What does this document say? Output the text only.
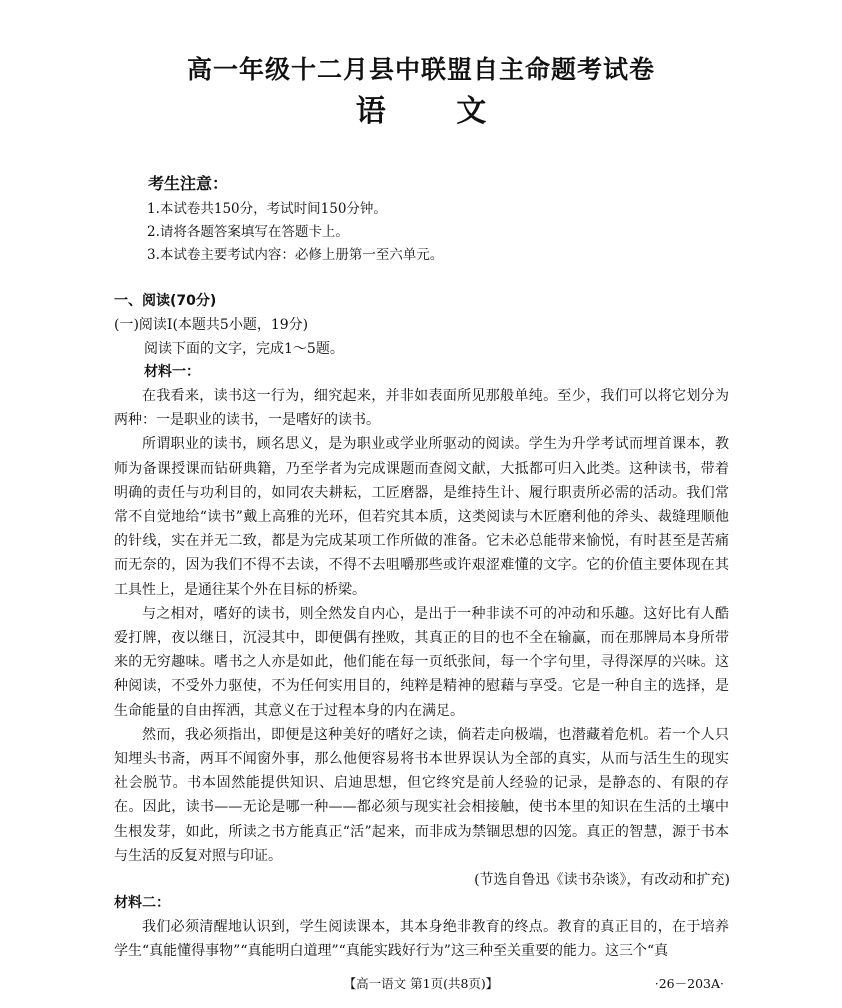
高一年级十二月县中联盟自主命题考试卷
语 文
考生注意：
1.本试卷共150分，考试时间150分钟。
2.请将各题答案填写在答题卡上。
3.本试卷主要考试内容：必修上册第一至六单元。
一、阅读(70分)
(一)阅读Ⅰ(本题共5小题，19分)
阅读下面的文字，完成1～5题。
材料一：

在我看来，读书这一行为，细究起来，并非如表面所见那般单纯。至少，我们可以将它划分为两种：一是职业的读书，一是嗜好的读书。

所谓职业的读书，顾名思义，是为职业或学业所驱动的阅读。学生为升学考试而埋首课本，教师为备课授课而钻研典籍，乃至学者为完成课题而查阅文献，大抵都可归入此类。这种读书，带着明确的责任与功利目的，如同农夫耕耘，工匠磨器，是维持生计、履行职责所必需的活动。我们常常不自觉地给“读书”戴上高雅的光环，但若究其本质，这类阅读与木匠磨利他的斧头、裁缝理顺他的针线，实在并无二致，都是为完成某项工作所做的准备。它未必总能带来愉悦，有时甚至是苦痛而无奈的，因为我们不得不去读，不得不去咀嚼那些或许艰涩难懂的文字。它的价值主要体现在其工具性上，是通往某个外在目标的桥梁。

与之相对，嗜好的读书，则全然发自内心，是出于一种非读不可的冲动和乐趣。这好比有人酷爱打牌，夜以继日，沉浸其中，即便偶有挫败，其真正的目的也不全在输赢，而在那牌局本身所带来的无穷趣味。嗜书之人亦是如此，他们能在每一页纸张间，每一个字句里，寻得深厚的兴味。这种阅读，不受外力驱使，不为任何实用目的，纯粹是精神的慰藉与享受。它是一种自主的选择，是生命能量的自由挥洒，其意义在于过程本身的内在满足。

然而，我必须指出，即便是这种美好的嗜好之读，倘若走向极端，也潜藏着危机。若一个人只知埋头书斋，两耳不闻窗外事，那么他便容易将书本世界误认为全部的真实，从而与活生生的现实社会脱节。书本固然能提供知识、启迪思想，但它终究是前人经验的记录，是静态的、有限的存在。因此，读书——无论是哪一种——都必须与现实社会相接触，使书本里的知识在生活的土壤中生根发芽，如此，所读之书方能真正“活”起来，而非成为禁锢思想的囚笼。真正的智慧，源于书本与生活的反复对照与印证。

(节选自鲁迅《读书杂谈》，有改动和扩充)
材料二：

我们必须清醒地认识到，学生阅读课本，其本身绝非教育的终点。教育的真正目的，在于培养学生“真能懂得事物”“真能明白道理”“真能实践好行为”这三种至关重要的能力。这三个“真

【高一语文 第1页(共8页)】	·26－203A·
